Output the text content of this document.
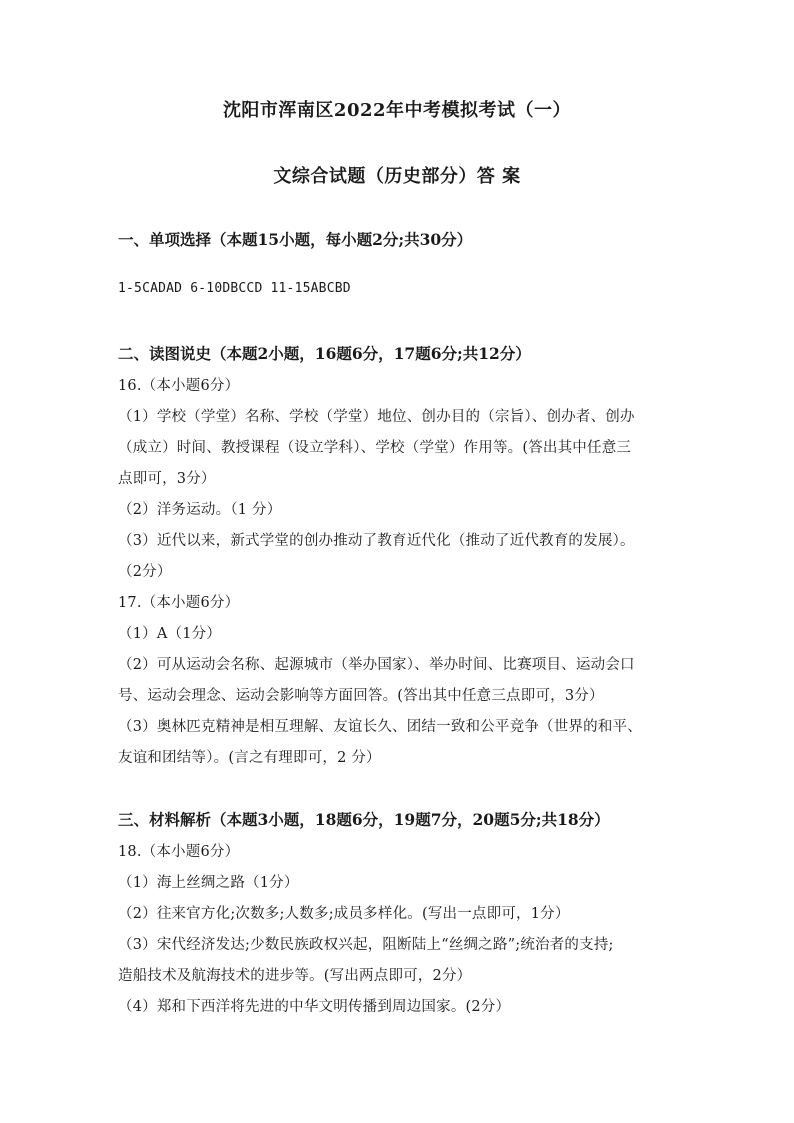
沈阳市浑南区2022年中考模拟考试（一）
文综合试题（历史部分）答 案
一、单项选择（本题15小题，每小题2分;共30分）
1-5CADAD 6-10DBCCD 11-15ABCBD
二、读图说史（本题2小题，16题6分，17题6分;共12分）
16.（本小题6分）
（1）学校（学堂）名称、学校（学堂）地位、创办目的（宗旨）、创办者、创办
（成立）时间、教授课程（设立学科）、学校（学堂）作用等。(答出其中任意三
点即可，3分）
（2）洋务运动。（1 分）
（3）近代以来，新式学堂的创办推动了教育近代化（推动了近代教育的发展）。
（2分）
17.（本小题6分）
（1）A（1分）
（2）可从运动会名称、起源城市（举办国家）、举办时间、比赛项目、运动会口
号、运动会理念、运动会影响等方面回答。(答出其中任意三点即可，3分）
（3）奥林匹克精神是相互理解、友谊长久、团结一致和公平竞争（世界的和平、
友谊和团结等）。(言之有理即可，2 分）
三、材料解析（本题3小题，18题6分，19题7分，20题5分;共18分）
18.（本小题6分）
（1）海上丝绸之路（1分）
（2）往来官方化;次数多;人数多;成员多样化。(写出一点即可，1分）
（3）宋代经济发达;少数民族政权兴起，阻断陆上“丝绸之路”;统治者的支持;
造船技术及航海技术的进步等。(写出两点即可，2分）
（4）郑和下西洋将先进的中华文明传播到周边国家。(2分）
